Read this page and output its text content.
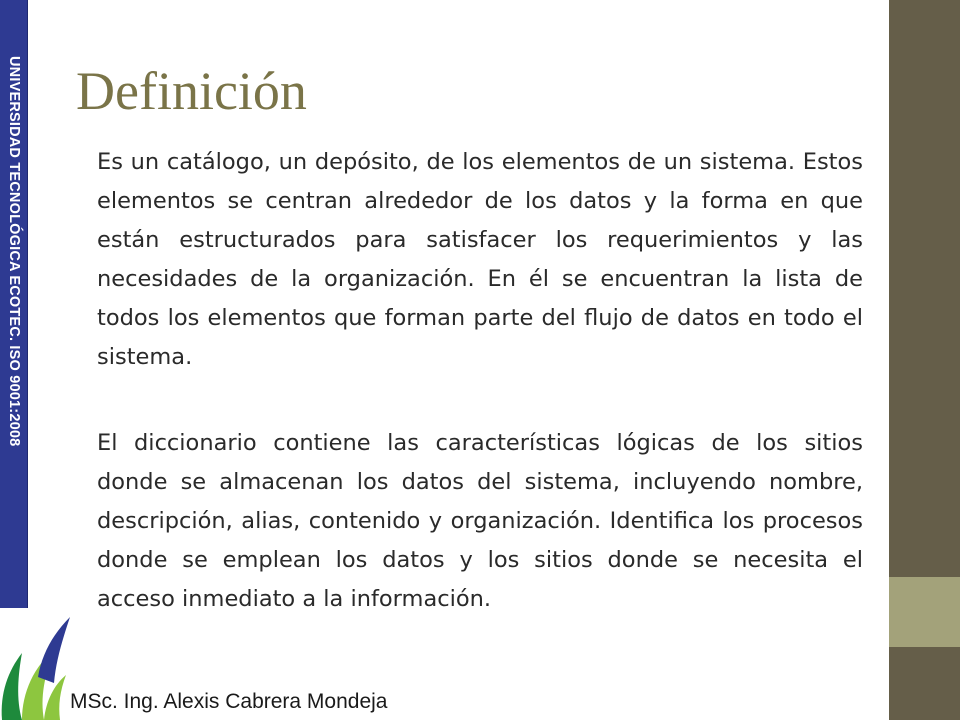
UNIVERSIDAD TECNOLÓGICA ECOTEC. ISO 9001:2008 Definición

Es un catálogo, un depósito, de los elementos de un sistema. Estos elementos se centran alrededor de los datos y la forma en que están estructurados para satisfacer los requerimientos y las necesidades de la organización. En él se encuentran la lista de todos los elementos que forman parte del flujo de datos en todo el sistema.

El diccionario contiene las características lógicas de los sitios donde se almacenan los datos del sistema, incluyendo nombre, descripción, alias, contenido y organización. Identifica los procesos donde se emplean los datos y los sitios donde se necesita el acceso inmediato a la información.

MSc. Ing. Alexis Cabrera Mondeja
